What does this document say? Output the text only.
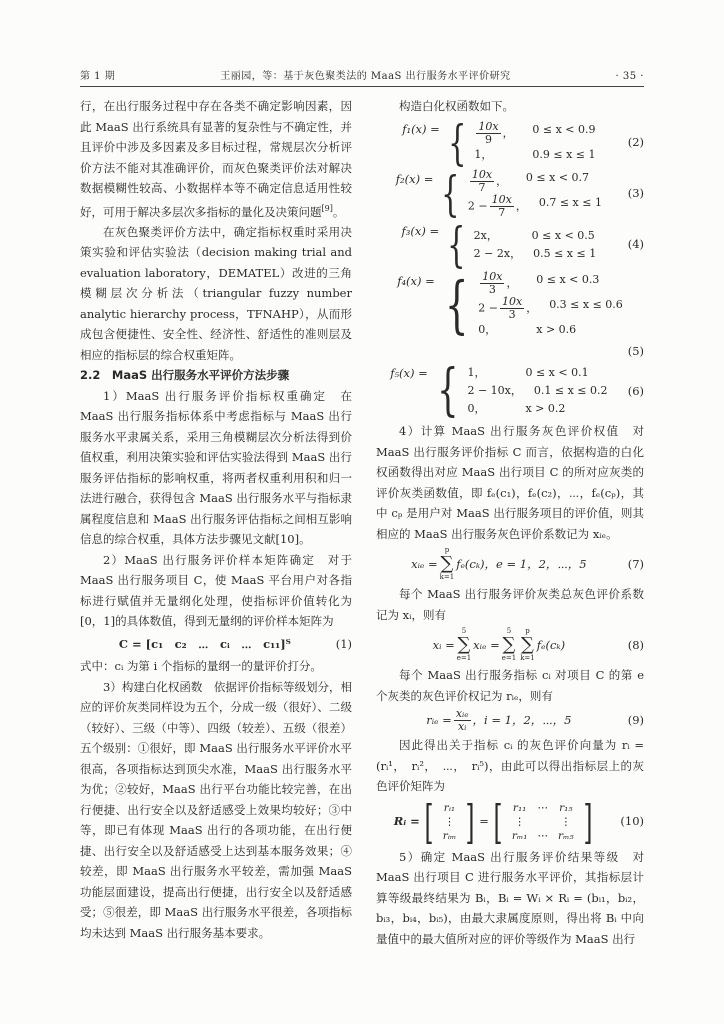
第 1 期	王丽园，等：基于灰色聚类法的 MaaS 出行服务水平评价研究	· 35 ·

行，在出行服务过程中存在各类不确定影响因素，因此 MaaS 出行系统具有显著的复杂性与不确定性，并且评价中涉及多因素及多目标过程，常规层次分析评价方法不能对其准确评价，而灰色聚类评价法对解决数据模糊性较高、小数据样本等不确定信息适用性较好，可用于解决多层次多指标的量化及决策问题[9]。

在灰色聚类评价方法中，确定指标权重时采用决策实验和评估实验法（decision making trial and evaluation laboratory，DEMATEL）改进的三角模糊层次分析法（triangular fuzzy number analytic hierarchy process，TFNAHP），从而形成包含便捷性、安全性、经济性、舒适性的准则层及相应的指标层的综合权重矩阵。

2.2　MaaS 出行服务水平评价方法步骤

1）MaaS 出行服务评价指标权重确定　在 MaaS 出行服务指标体系中考虑指标与 MaaS 出行服务水平隶属关系，采用三角模糊层次分析法得到价值权重，利用决策实验和评估实验法得到 MaaS 出行服务评估指标的影响权重，将两者权重利用积和归一法进行融合，获得包含 MaaS 出行服务水平与指标隶属程度信息和 MaaS 出行服务评估指标之间相互影响信息的综合权重，具体方法步骤见文献[10]。

2）MaaS 出行服务评价样本矩阵确定　对于 MaaS 出行服务项目 C，使 MaaS 平台用户对各指标进行赋值并无量纲化处理，使指标评价值转化为[0，1]的具体数值，得到无量纲的评价样本矩阵为

C = [c₁　c₂　⋯　cᵢ　⋯　c₁₁]ᵀ	(1)

式中：cᵢ 为第 i 个指标的量纲一的量评价打分。

3）构建白化权函数　依据评价指标等级划分，相应的评价灰类同样设为五个，分成一级（很好）、二级（较好）、三级（中等）、四级（较差）、五级（很差）五个级别：①很好，即 MaaS 出行服务水平评价水平很高，各项指标达到顶尖水准，MaaS 出行服务水平为优；②较好，MaaS 出行平台功能比较完善，在出行便捷、出行安全以及舒适感受上效果均较好；③中等，即已有体现 MaaS 出行的各项功能，在出行便捷、出行安全以及舒适感受上达到基本服务效果；④较差，即 MaaS 出行服务水平较差，需加强 MaaS 功能层面建设，提高出行便捷，出行安全以及舒适感受；⑤很差，即 MaaS 出行服务水平很差，各项指标均未达到 MaaS 出行服务基本要求。

构造白化权函数如下。

f₁(x) = { $\frac{10x}{9}$ ，	0 ≤ x < 0.9
1，	0.9 ≤ x ≤ 1
(2)
f₂(x) = { $\frac{10x}{7}$ ，	0 ≤ x < 0.7
$2 - \frac{10x}{7}$ ， 0.7 ≤ x ≤ 1
(3)
f₃(x) = { 2x，	0 ≤ x < 0.5
2 − 2x， 0.5 ≤ x ≤ 1
(4)
f₄(x) = { $\frac{10x}{3}$ ，	0 ≤ x < 0.3
$2 - \frac{10x}{3}$ ， 0.3 ≤ x ≤ 0.6
0，	x > 0.6
(5)
f₅(x) = { 1，	0 ≤ x < 0.1
2 − 10x， 0.1 ≤ x ≤ 0.2
0，	x > 0.2
(6)

4）计算 MaaS 出行服务灰色评价权值　对 MaaS 出行服务评价指标 C 而言，依据构造的白化权函数得出对应 MaaS 出行项目 C 的所对应灰类的评价灰类函数值，即 fₑ(c₁)，fₑ(c₂)，⋯，fₑ(cₚ)，其中 cₚ 是用户对 MaaS 出行服务项目的评价值，则其相应的 MaaS 出行服务灰色评价系数记为 xᵢₑ。

xᵢₑ =
p
∑
k=1
fₑ(cₖ)，e = 1，2，⋯，5	(7)

每个 MaaS 出行服务评价灰类总灰色评价系数记为 xᵢ，则有

xᵢ =
5
∑
e=1
xᵢₑ =
5
∑
e=1
p
∑
k=1
fₑ(cₖ)	(8)

每个 MaaS 出行服务指标 cᵢ 对项目 C 的第 e 个灰类的灰色评价权记为 rᵢₑ，则有

rᵢₑ = $\frac{\text{xᵢₑ}}{\text{xᵢ}}$ ，i = 1，2，⋯，5	(9)

因此得出关于指标 cᵢ 的灰色评价向量为 rᵢ = (rᵢ¹，　rᵢ²，　⋯，　rᵢ⁵)，由此可以得出指标层上的灰色评价矩阵为

Rᵢ = [ rᵢ₁
⋮
rᵢₘ ] = [ r₁₁	⋯	r₁₅
⋮		⋮
rₘ₁	⋯	rₘ₅ ]	(10)

5）确定 MaaS 出行服务评价结果等级　对 MaaS 出行项目 C 进行服务水平评价，其指标层计算等级最终结果为 Bᵢ，Bᵢ = Wᵢ × Rᵢ = (bᵢ₁，bᵢ₂，bᵢ₃，bᵢ₄，bᵢ₅)，由最大隶属度原则，得出将 Bᵢ 中向量值中的最大值所对应的评价等级作为 MaaS 出行
